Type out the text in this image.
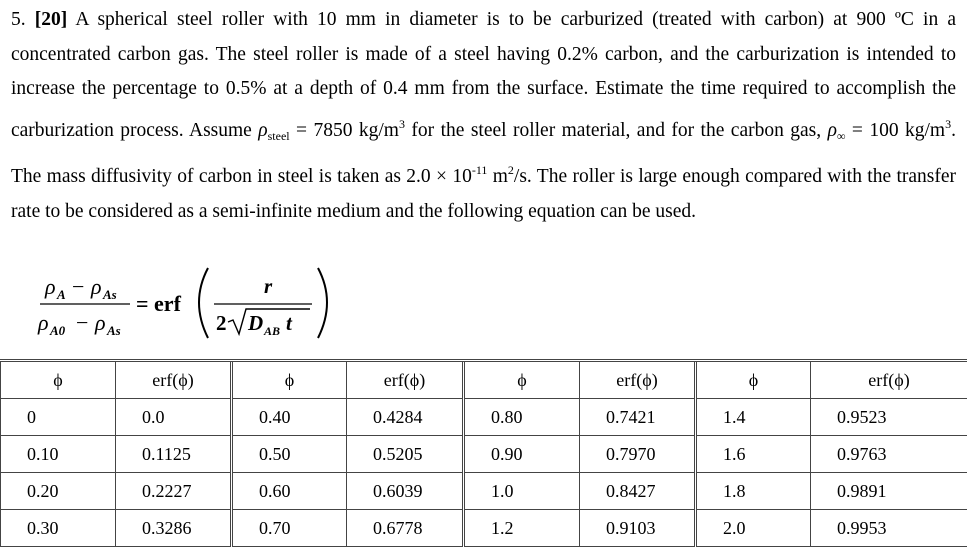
5. [20] A spherical steel roller with 10 mm in diameter is to be carburized (treated with carbon) at 900 ºC in a concentrated carbon gas. The steel roller is made of a steel having 0.2% carbon, and the carburization is intended to increase the percentage to 0.5% at a depth of 0.4 mm from the surface. Estimate the time required to accomplish the carburization process. Assume $\rho_{steel} = 7850$ $kg/m^3$ for the steel roller material, and for the carbon gas, $\rho_\infty = 100$ $kg/m^3$. The mass diffusivity of carbon in steel is taken as $2.0 \times 10^{-11}$ $m^2/s$. The roller is large enough compared with the transfer rate to be considered as a semi-infinite medium and the following equation can be used.

ρ A − ρ As
ρ A0 − ρ As
= erf
r
2 D AB t
ϕ	erf(ϕ)	ϕ	erf(ϕ)	ϕ	erf(ϕ)	ϕ	erf(ϕ)
0	0.0	0.40	0.4284	0.80	0.7421	1.4	0.9523
0.10	0.1125	0.50	0.5205	0.90	0.7970	1.6	0.9763
0.20	0.2227	0.60	0.6039	1.0	0.8427	1.8	0.9891
0.30	0.3286	0.70	0.6778	1.2	0.9103	2.0	0.9953
